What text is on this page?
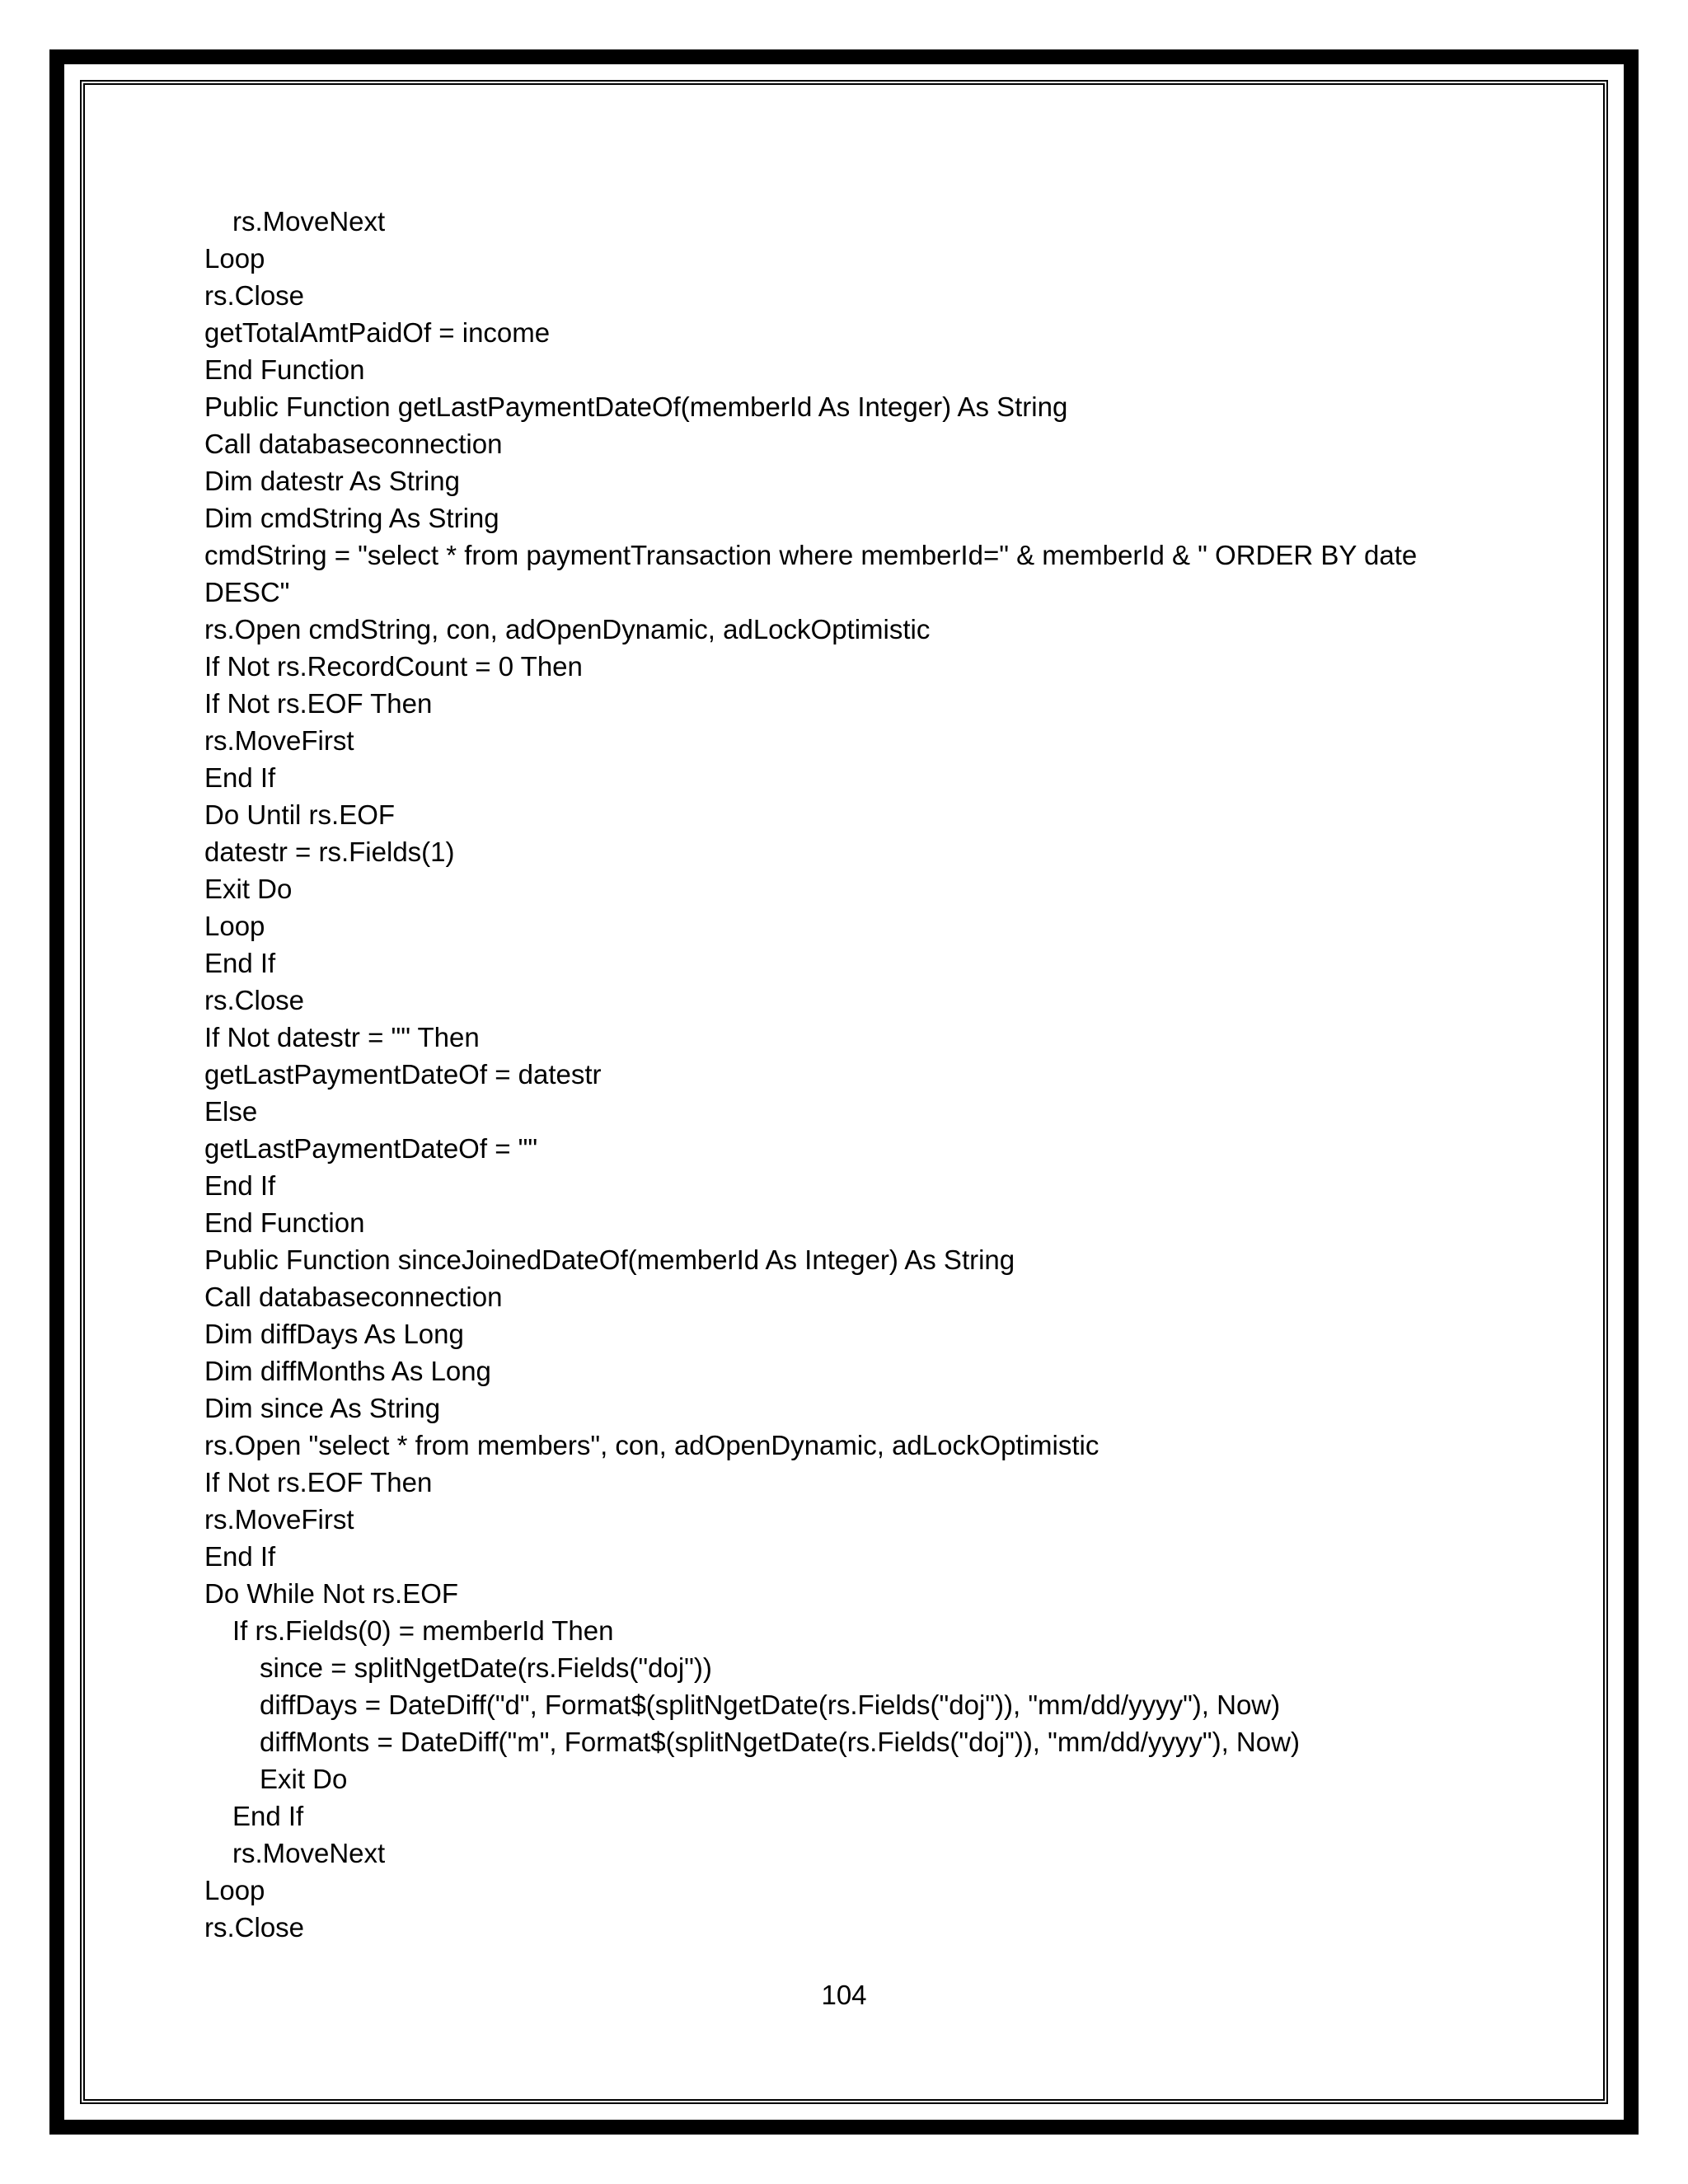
rs.MoveNext
Loop
rs.Close
getTotalAmtPaidOf = income
End Function
Public Function getLastPaymentDateOf(memberId As Integer) As String
Call databaseconnection
Dim datestr As String
Dim cmdString As String
cmdString = "select * from paymentTransaction where memberId=" & memberId & " ORDER BY date
DESC"
rs.Open cmdString, con, adOpenDynamic, adLockOptimistic
If Not rs.RecordCount = 0 Then
If Not rs.EOF Then
rs.MoveFirst
End If
Do Until rs.EOF
datestr = rs.Fields(1)
Exit Do
Loop
End If
rs.Close
If Not datestr = "" Then
getLastPaymentDateOf = datestr
Else
getLastPaymentDateOf = ""
End If
End Function
Public Function sinceJoinedDateOf(memberId As Integer) As String
Call databaseconnection
Dim diffDays As Long
Dim diffMonths As Long
Dim since As String
rs.Open "select * from members", con, adOpenDynamic, adLockOptimistic
If Not rs.EOF Then
rs.MoveFirst
End If
Do While Not rs.EOF
If rs.Fields(0) = memberId Then
since = splitNgetDate(rs.Fields("doj"))
diffDays = DateDiff("d", Format$(splitNgetDate(rs.Fields("doj")), "mm/dd/yyyy"), Now)
diffMonts = DateDiff("m", Format$(splitNgetDate(rs.Fields("doj")), "mm/dd/yyyy"), Now)
Exit Do
End If
rs.MoveNext
Loop
rs.Close
104
